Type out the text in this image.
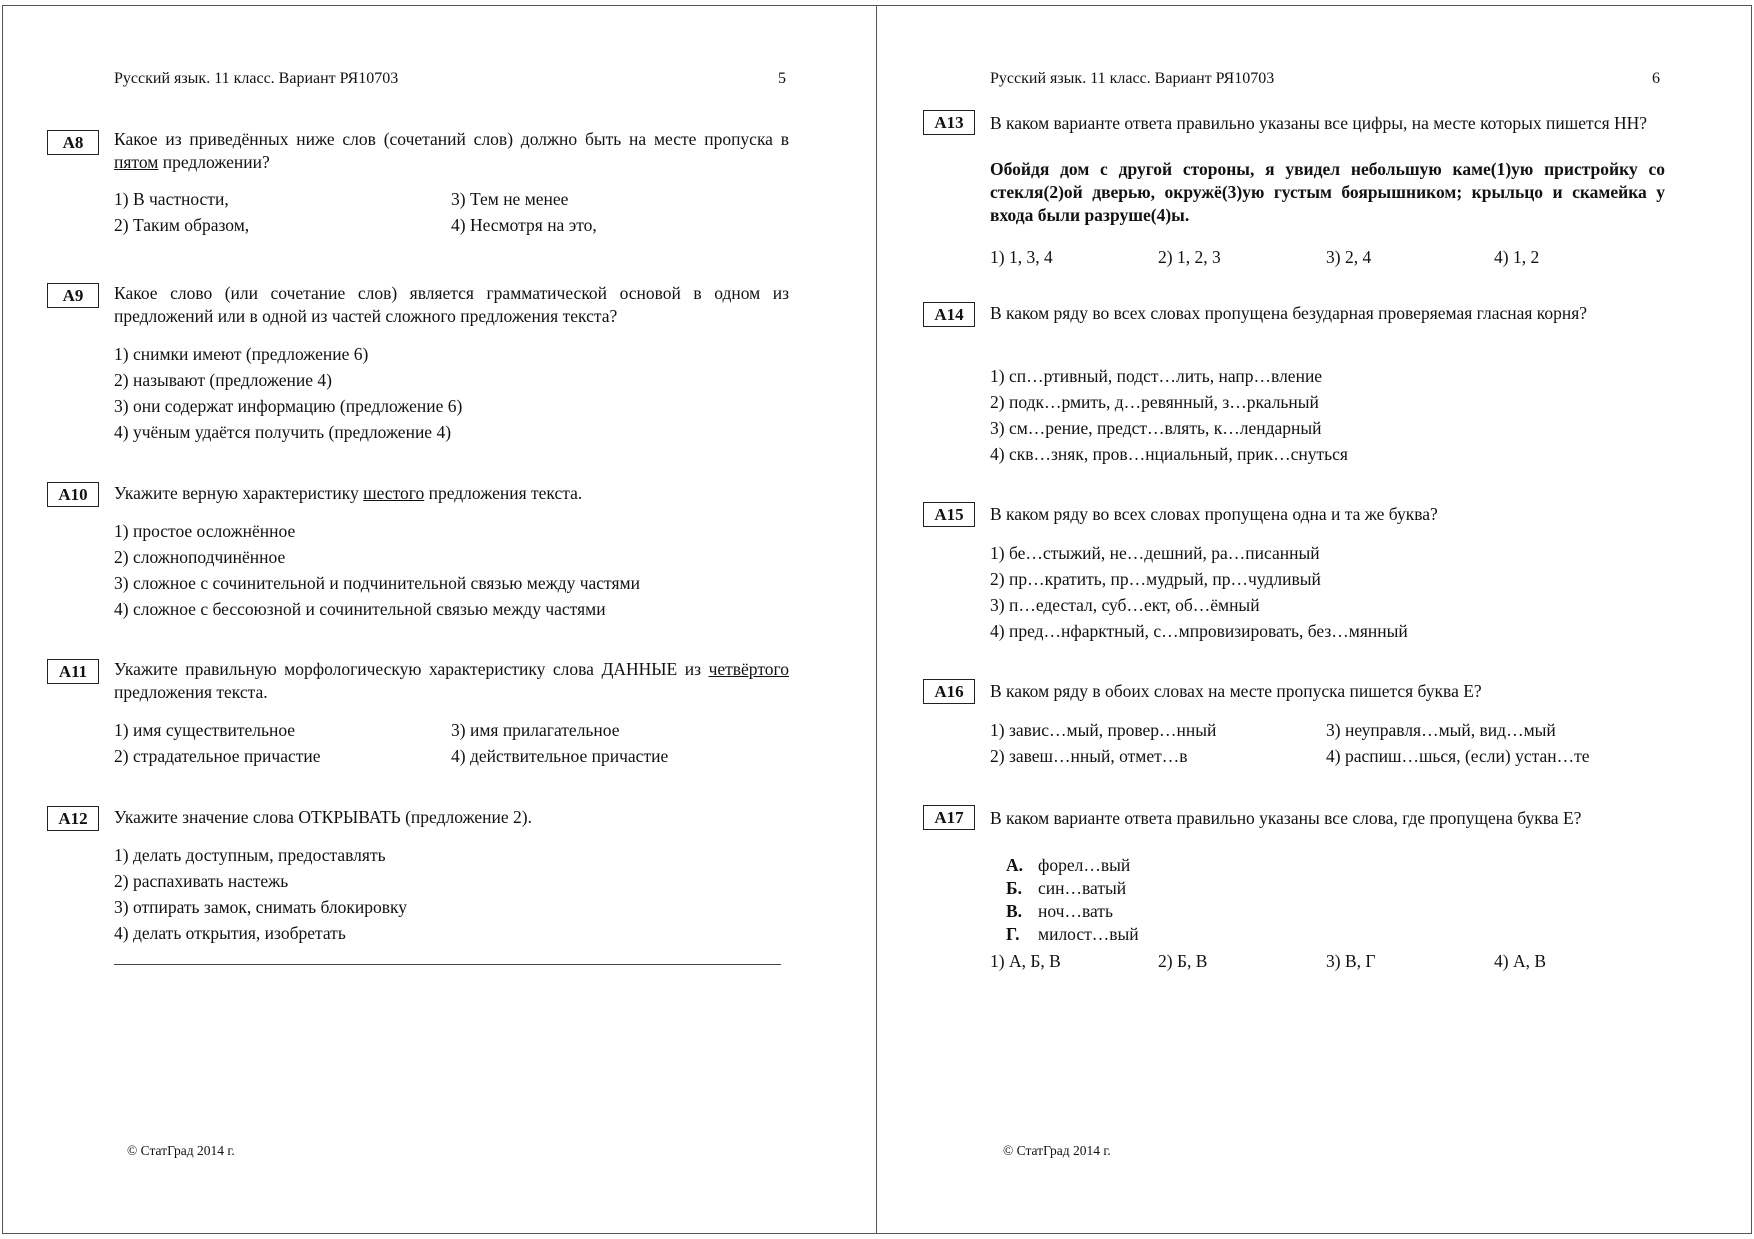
Русский язык. 11 класс. Вариант РЯ10703	5
А8	Какое из приведённых ниже слов (сочетаний слов) должно быть на месте пропуска в пятом предложении?
1) В частности,
2) Таким образом,
3) Тем не менее
4) Несмотря на это,
А9	Какое слово (или сочетание слов) является грамматической основой в одном из предложений или в одной из частей сложного предложения текста?
1) снимки имеют (предложение 6)
2) называют (предложение 4)
3) они содержат информацию (предложение 6)
4) учёным удаётся получить (предложение 4)
А10	Укажите верную характеристику шестого предложения текста.
1) простое осложнённое
2) сложноподчинённое
3) сложное с сочинительной и подчинительной связью между частями
4) сложное с бессоюзной и сочинительной связью между частями
А11	Укажите правильную морфологическую характеристику слова ДАННЫЕ из четвёртого предложения текста.
1) имя существительное
2) страдательное причастие
3) имя прилагательное
4) действительное причастие
А12	Укажите значение слова ОТКРЫВАТЬ (предложение 2).
1) делать доступным, предоставлять
2) распахивать настежь
3) отпирать замок, снимать блокировку
4) делать открытия, изобретать
© СтатГрад 2014 г.
Русский язык. 11 класс. Вариант РЯ10703	6
А13	В каком варианте ответа правильно указаны все цифры, на месте которых пишется НН?
Обойдя дом с другой стороны, я увидел небольшую каме(1)ую пристройку со стекля(2)ой дверью, окружё(3)ую густым боярышником; крыльцо и скамейка у входа были разруше(4)ы.
1) 1, 3, 4	2) 1, 2, 3	3) 2, 4	4) 1, 2
А14	В каком ряду во всех словах пропущена безударная проверяемая гласная корня?
1) сп…ртивный, подст…лить, напр…вление
2) подк…рмить, д…ревянный, з…ркальный
3) см…рение, предст…влять, к…лендарный
4) скв…зняк, пров…нциальный, прик…снуться
А15	В каком ряду во всех словах пропущена одна и та же буква?
1) бе…стыжий, не…дешний, ра…писанный
2) пр…кратить, пр…мудрый, пр…чудливый
3) п…едестал, суб…ект, об…ёмный
4) пред…нфарктный, с…мпровизировать, без…мянный
А16	В каком ряду в обоих словах на месте пропуска пишется буква Е?
1) завис…мый, провер…нный
2) завеш…нный, отмет…в
3) неуправля…мый, вид…мый
4) распиш…шься, (если) устан…те
А17	В каком варианте ответа правильно указаны все слова, где пропущена буква Е?
А. форел…вый
Б. син…ватый
В. ноч…вать
Г. милост…вый
1) А, Б, В	2) Б, В	3) В, Г	4) А, В
© СтатГрад 2014 г.
